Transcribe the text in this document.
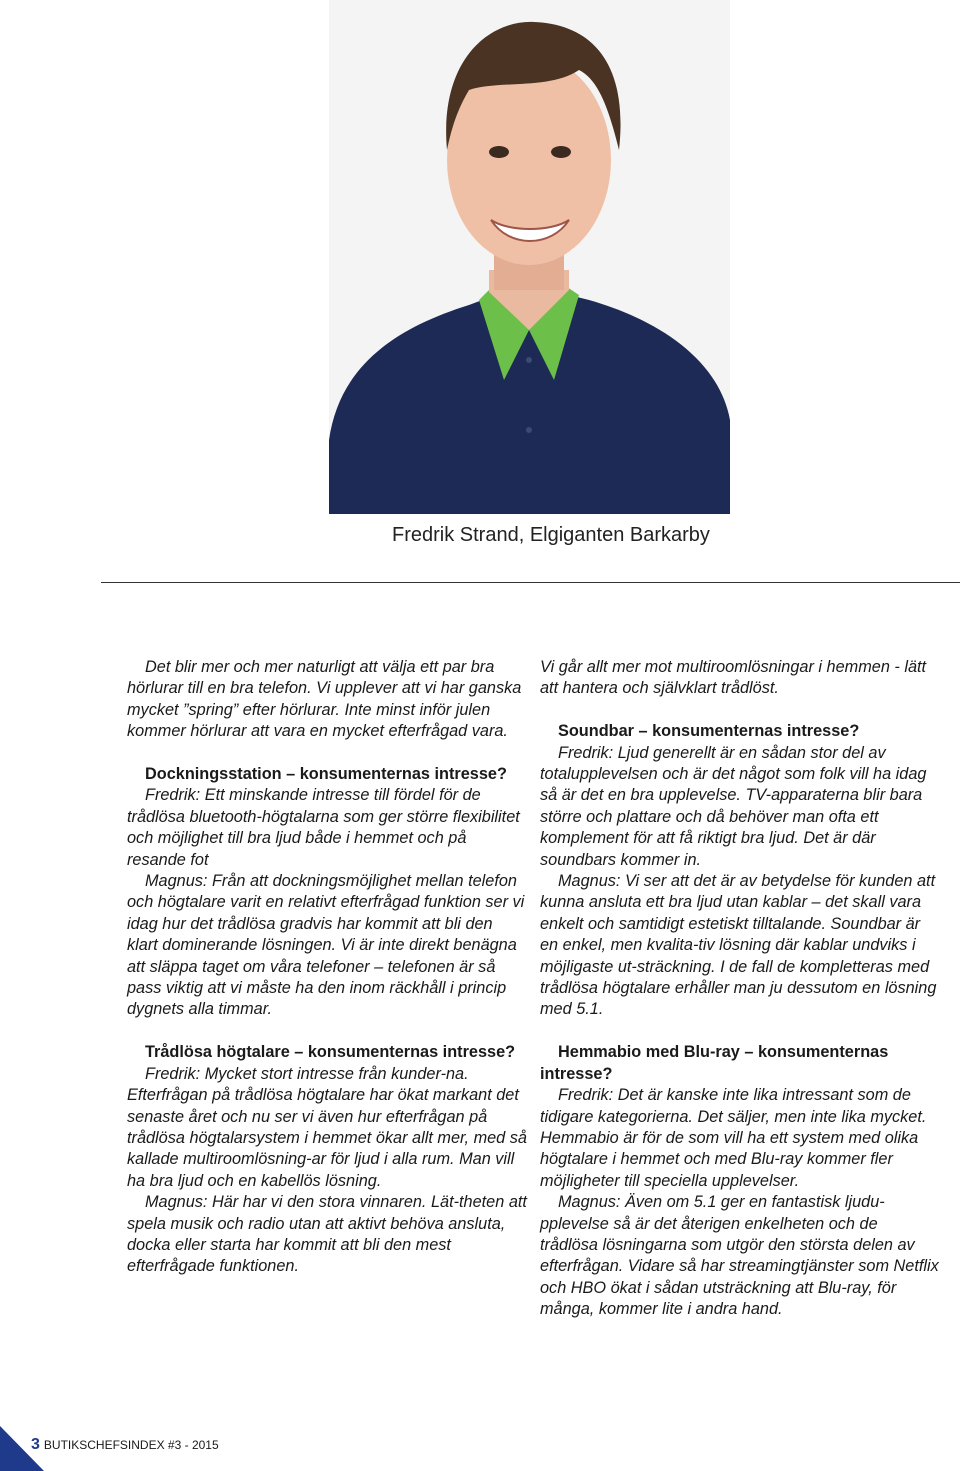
Fredrik Strand, Elgiganten Barkarby

Det blir mer och mer naturligt att välja ett par bra hörlurar till en bra telefon. Vi upplever att vi har ganska mycket ”spring” efter hörlurar. Inte minst inför julen kommer hörlurar att vara en mycket efterfrågad vara.

Dockningsstation – konsumenternas intresse?

Fredrik: Ett minskande intresse till fördel för de trådlösa bluetooth-högtalarna som ger större flexibilitet och möjlighet till bra ljud både i hemmet och på resande fot

Magnus: Från att dockningsmöjlighet mellan telefon och högtalare varit en relativt efterfrågad funktion ser vi idag hur det trådlösa gradvis har kommit att bli den klart dominerande lösningen. Vi är inte direkt benägna att släppa taget om våra telefoner – telefonen är så pass viktig att vi måste ha den inom räckhåll i princip dygnets alla timmar.

Trådlösa högtalare – konsumenternas intresse?

Fredrik: Mycket stort intresse från kunder-na. Efterfrågan på trådlösa högtalare har ökat markant det senaste året och nu ser vi även hur efterfrågan på trådlösa högtalarsystem i hemmet ökar allt mer, med så kallade multiroomlösning-ar för ljud i alla rum. Man vill ha bra ljud och en kabellös lösning.

Magnus: Här har vi den stora vinnaren. Lät-theten att spela musik och radio utan att aktivt behöva ansluta, docka eller starta har kommit att bli den mest efterfrågade funktionen.

Vi går allt mer mot multiroomlösningar i hemmen - lätt att hantera och självklart trådlöst.

Soundbar – konsumenternas intresse?

Fredrik: Ljud generellt är en sådan stor del av totalupplevelsen och är det något som folk vill ha idag så är det en bra upplevelse. TV-apparaterna blir bara större och plattare och då behöver man ofta ett komplement för att få riktigt bra ljud. Det är där soundbars kommer in.

Magnus: Vi ser att det är av betydelse för kunden att kunna ansluta ett bra ljud utan kablar – det skall vara enkelt och samtidigt estetiskt tilltalande. Soundbar är en enkel, men kvalita-tiv lösning där kablar undviks i möjligaste ut-sträckning. I de fall de kompletteras med trådlösa högtalare erhåller man ju dessutom en lösning med 5.1.

Hemmabio med Blu-ray – konsumenternas intresse?

Fredrik: Det är kanske inte lika intressant som de tidigare kategorierna. Det säljer, men inte lika mycket. Hemmabio är för de som vill ha ett system med olika högtalare i hemmet och med Blu-ray kommer fler möjligheter till speciella upplevelser.

Magnus: Även om 5.1 ger en fantastisk ljudu-pplevelse så är det återigen enkelheten och de trådlösa lösningarna som utgör den största delen av efterfrågan. Vidare så har streamingtjänster som Netflix och HBO ökat i sådan utsträckning att Blu-ray, för många, kommer lite i andra hand.

3 BUTIKSCHEFSINDEX #3 - 2015
